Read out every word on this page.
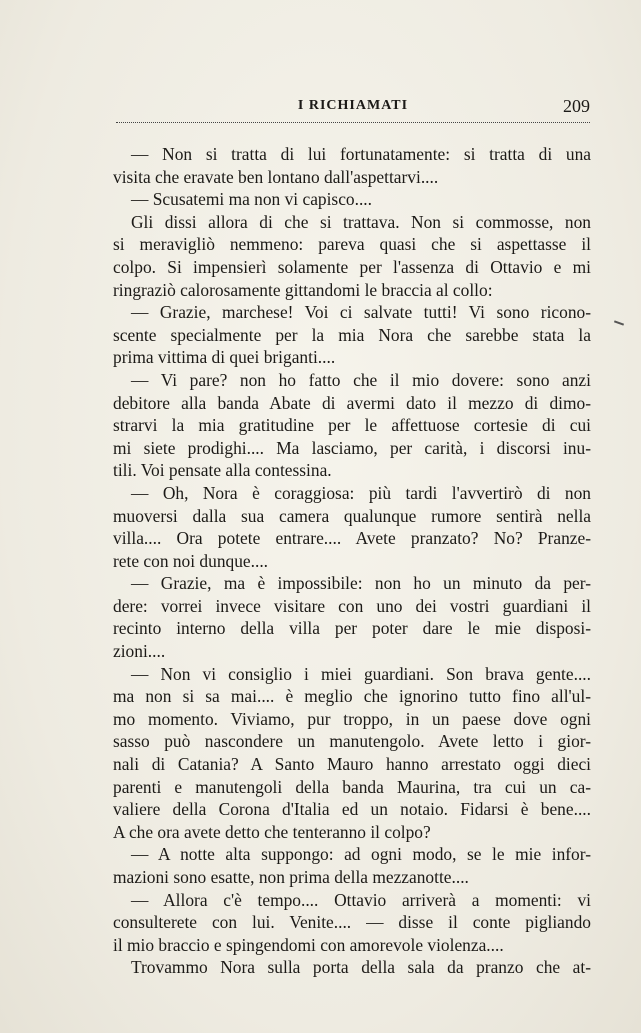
I RICHIAMATI	209
— Non si tratta di lui fortunatamente: si tratta di una
visita che eravate ben lontano dall'aspettarvi....
— Scusatemi ma non vi capisco....
Gli dissi allora di che si trattava. Non si commosse, non
si meravigliò nemmeno: pareva quasi che si aspettasse il
colpo. Si impensierì solamente per l'assenza di Ottavio e mi
ringraziò calorosamente gittandomi le braccia al collo:
— Grazie, marchese! Voi ci salvate tutti! Vi sono ricono-
scente specialmente per la mia Nora che sarebbe stata la
prima vittima di quei briganti....
— Vi pare? non ho fatto che il mio dovere: sono anzi
debitore alla banda Abate di avermi dato il mezzo di dimo-
strarvi la mia gratitudine per le affettuose cortesie di cui
mi siete prodighi.... Ma lasciamo, per carità, i discorsi inu-
tili. Voi pensate alla contessina.
— Oh, Nora è coraggiosa: più tardi l'avvertirò di non
muoversi dalla sua camera qualunque rumore sentirà nella
villa.... Ora potete entrare.... Avete pranzato? No? Pranze-
rete con noi dunque....
— Grazie, ma è impossibile: non ho un minuto da per-
dere: vorrei invece visitare con uno dei vostri guardiani il
recinto interno della villa per poter dare le mie disposi-
zioni....
— Non vi consiglio i miei guardiani. Son brava gente....
ma non si sa mai.... è meglio che ignorino tutto fino all'ul-
mo momento. Viviamo, pur troppo, in un paese dove ogni
sasso può nascondere un manutengolo. Avete letto i gior-
nali di Catania? A Santo Mauro hanno arrestato oggi dieci
parenti e manutengoli della banda Maurina, tra cui un ca-
valiere della Corona d'Italia ed un notaio. Fidarsi è bene....
A che ora avete detto che tenteranno il colpo?
— A notte alta suppongo: ad ogni modo, se le mie infor-
mazioni sono esatte, non prima della mezzanotte....
— Allora c'è tempo.... Ottavio arriverà a momenti: vi
consulterete con lui. Venite.... — disse il conte pigliando
il mio braccio e spingendomi con amorevole violenza....
Trovammo Nora sulla porta della sala da pranzo che at-
